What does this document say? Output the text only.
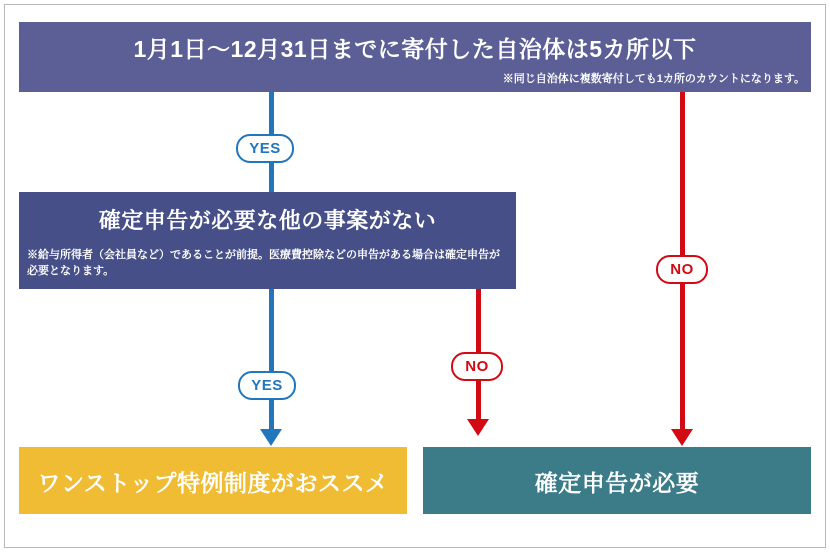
1月1日〜12月31日までに寄付した自治体は5カ所以下
※同じ自治体に複数寄付しても1カ所のカウントになります。
YES
確定申告が必要な他の事案がない
※給与所得者（会社員など）であることが前提。医療費控除などの申告がある場合は確定申告が必要となります。
YES
NO
NO
ワンストップ特例制度がおススメ	確定申告が必要
